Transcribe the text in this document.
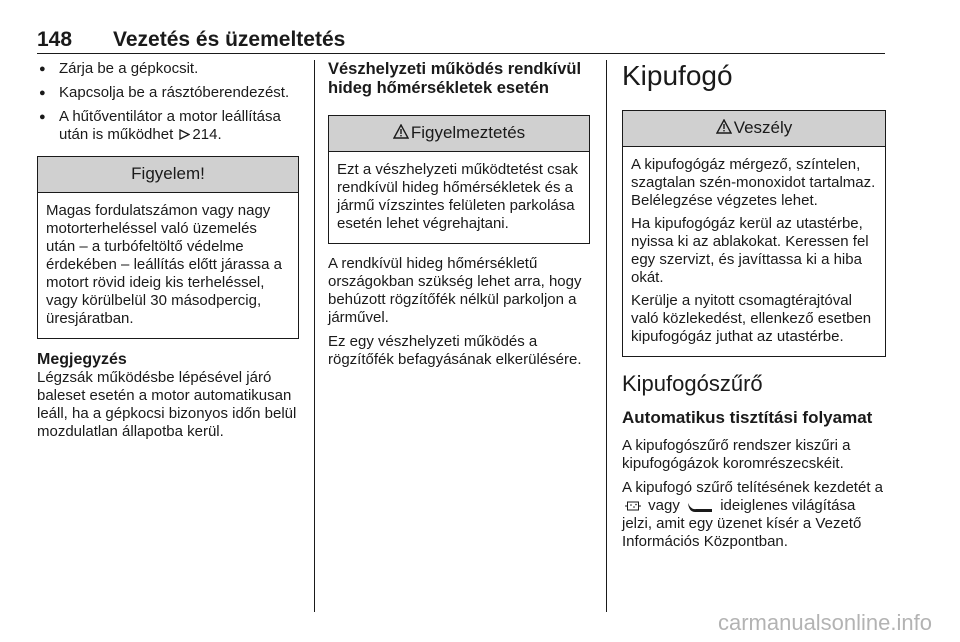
148 Vezetés és üzemeltetés
● Zárja be a gépkocsit.
● Kapcsolja be a rásztóberendezést.
● A hűtőventilátor a motor leállítása után is működhet 214.
Figyelem!

Magas fordulatszámon vagy nagy motorterheléssel való üzemelés után – a turbófeltöltő védelme érdekében – leállítás előtt járassa a motort rövid ideig kis terheléssel, vagy körülbelül 30 másodpercig, üresjáratban.

Megjegyzés

Légzsák működésbe lépésével járó baleset esetén a motor automatikusan leáll, ha a gépkocsi bizonyos időn belül mozdulatlan állapotba kerül.

Vészhelyzeti működés rendkívül hideg hőmérsékletek esetén

Figyelmeztetés

Ezt a vészhelyzeti működtetést csak rendkívül hideg hőmérsékletek és a jármű vízszintes felületen parkolása esetén lehet végrehajtani.

A rendkívül hideg hőmérsékletű országokban szükség lehet arra, hogy behúzott rögzítőfék nélkül parkoljon a járművel.

Ez egy vészhelyzeti működés a rögzítőfék befagyásának elkerülésére.

Kipufogó
Veszély

A kipufogógáz mérgező, színtelen, szagtalan szén-monoxidot tartalmaz. Belélegzése végzetes lehet.

Ha kipufogógáz kerül az utastérbe, nyissa ki az ablakokat. Keressen fel egy szervizt, és javíttassa ki a hiba okát.

Kerülje a nyitott csomagtérajtóval való közlekedést, ellenkező esetben kipufogógáz juthat az utastérbe.

Kipufogószűrő

Automatikus tisztítási folyamat

A kipufogószűrő rendszer kiszűri a kipufogógázok koromrészecskéit.

A kipufogó szűrő telítésének kezdetét a  vagy	ideiglenes világítása jelzi, amit egy üzenet kísér a Vezető Információs Központban.

carmanualsonline.info
